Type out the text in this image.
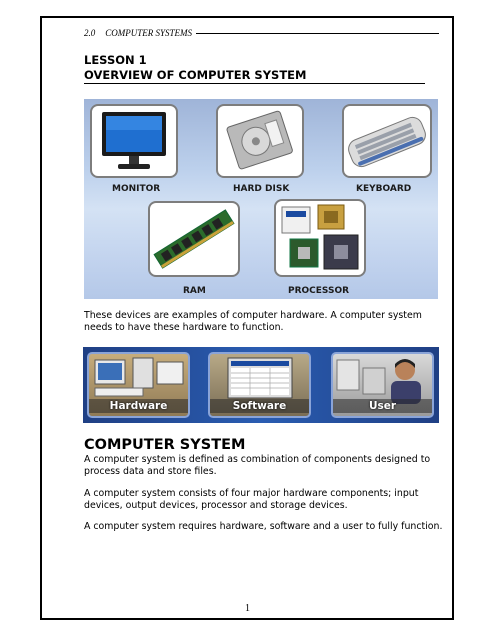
2.0 COMPUTER SYSTEMS
LESSON 1
OVERVIEW OF COMPUTER SYSTEM
MONITOR	HARD DISK	KEYBOARD
RAM	PROCESSOR
These devices are examples of computer hardware. A computer system needs to have these hardware to function.
Hardware	Software	User
COMPUTER SYSTEM
A computer system is defined as combination of components designed to process data and store files.
A computer system consists of four major hardware components; input devices, output devices, processor and storage devices.
A computer system requires hardware, software and a user to fully function.
1
